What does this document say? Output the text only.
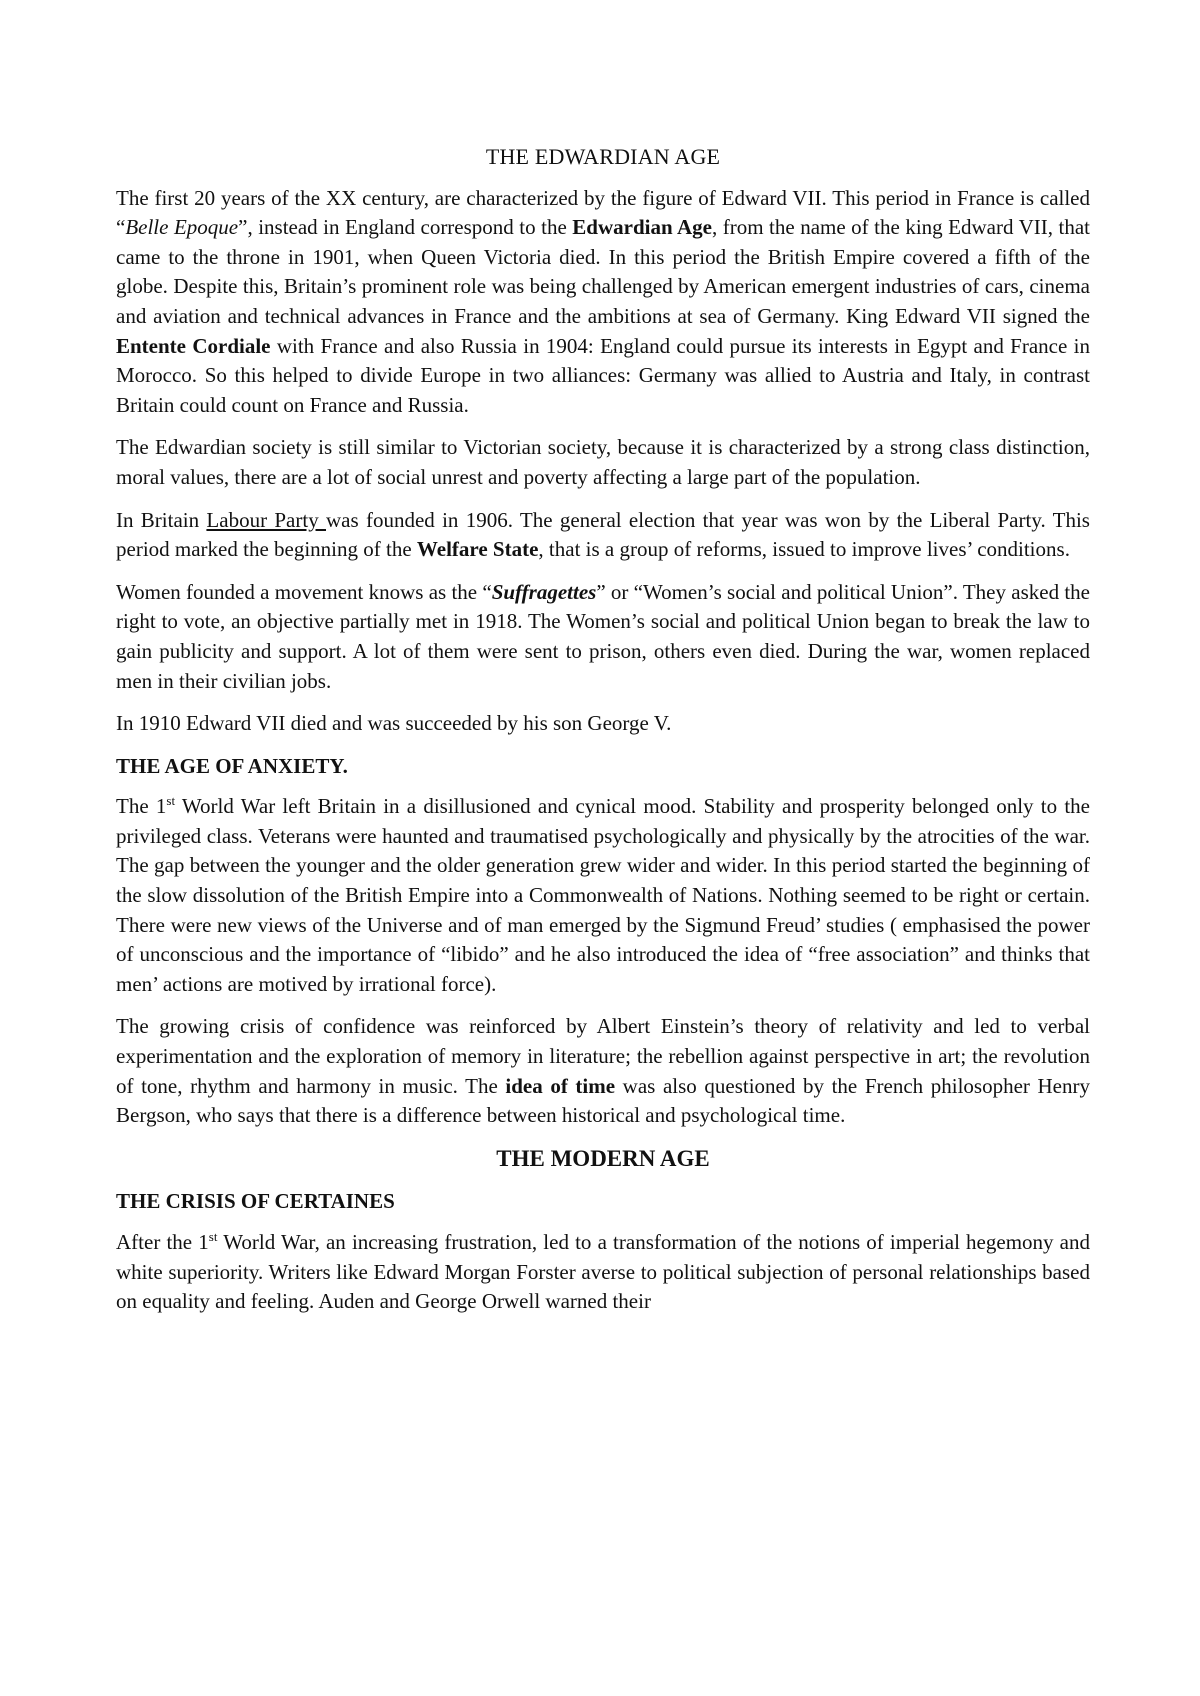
THE EDWARDIAN AGE

The first 20 years of the XX century, are characterized by the figure of Edward VII. This period in France is called “Belle Epoque”, instead in England correspond to the Edwardian Age, from the name of the king Edward VII, that came to the throne in 1901, when Queen Victoria died. In this period the British Empire covered a fifth of the globe. Despite this, Britain’s prominent role was being challenged by American emergent industries of cars, cinema and aviation and technical advances in France and the ambitions at sea of Germany. King Edward VII signed the Entente Cordiale with France and also Russia in 1904: England could pursue its interests in Egypt and France in Morocco. So this helped to divide Europe in two alliances: Germany was allied to Austria and Italy, in contrast Britain could count on France and Russia.

The Edwardian society is still similar to Victorian society, because it is characterized by a strong class distinction, moral values, there are a lot of social unrest and poverty affecting a large part of the population.

In Britain Labour Party was founded in 1906. The general election that year was won by the Liberal Party. This period marked the beginning of the Welfare State, that is a group of reforms, issued to improve lives’ conditions.

Women founded a movement knows as the “Suffragettes” or “Women’s social and political Union”. They asked the right to vote, an objective partially met in 1918. The Women’s social and political Union began to break the law to gain publicity and support. A lot of them were sent to prison, others even died. During the war, women replaced men in their civilian jobs.

In 1910 Edward VII died and was succeeded by his son George V.

THE AGE OF ANXIETY.

The 1st World War left Britain in a disillusioned and cynical mood. Stability and prosperity belonged only to the privileged class. Veterans were haunted and traumatised psychologically and physically by the atrocities of the war. The gap between the younger and the older generation grew wider and wider. In this period started the beginning of the slow dissolution of the British Empire into a Commonwealth of Nations. Nothing seemed to be right or certain. There were new views of the Universe and of man emerged by the Sigmund Freud’ studies ( emphasised the power of unconscious and the importance of “libido” and he also introduced the idea of “free association” and thinks that men’ actions are motived by irrational force).

The growing crisis of confidence was reinforced by Albert Einstein’s theory of relativity and led to verbal experimentation and the exploration of memory in literature; the rebellion against perspective in art; the revolution of tone, rhythm and harmony in music. The idea of time was also questioned by the French philosopher Henry Bergson, who says that there is a difference between historical and psychological time.

THE MODERN AGE
THE CRISIS OF CERTAINES

After the 1st World War, an increasing frustration, led to a transformation of the notions of imperial hegemony and white superiority. Writers like Edward Morgan Forster averse to political subjection of personal relationships based on equality and feeling. Auden and George Orwell warned their
